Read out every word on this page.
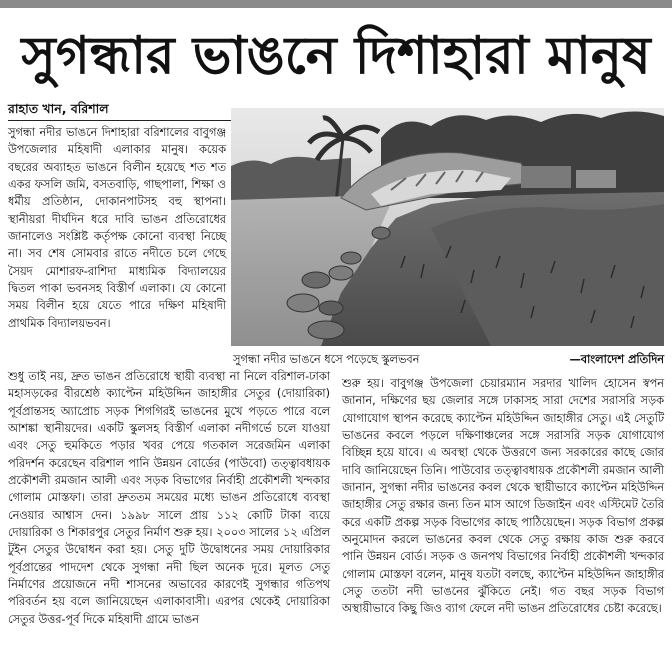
সুগন্ধার ভাঙনে দিশাহারা মানুষ
রাহাত খান, বরিশাল
সুগন্ধা নদীর ভাঙনে দিশাহারা বরিশালের বাবুগঞ্জ উপজেলার মহিষাদী এলাকার মানুষ। কয়েক বছরের অব্যাহত ভাঙনে বিলীন হয়েছে শত শত একর ফসলি জমি, বসতবাড়ি, গাছপালা, শিক্ষা ও ধর্মীয় প্রতিষ্ঠান, দোকানপাটসহ বহু স্থাপনা। স্থানীয়রা দীর্ঘদিন ধরে দাবি ভাঙন প্রতিরোধের জানালেও সংশ্লিষ্ট কর্তৃপক্ষ কোনো ব্যবস্থা নিচ্ছে না। সব শেষ সোমবার রাতে নদীতে চলে গেছে সৈয়দ মোশারফ-রাশিদা মাধ্যমিক বিদ্যালয়ের দ্বিতল পাকা ভবনসহ বিস্তীর্ণ এলাকা। যে কোনো সময় বিলীন হয়ে যেতে পারে দক্ষিণ মহিষাদী প্রাথমিক বিদ্যালয়ভবন।
সুগন্ধা নদীর ভাঙনে ধসে পড়েছে স্কুলভবন	—বাংলাদেশ প্রতিদিন
শুধু তাই নয়, দ্রুত ভাঙন প্রতিরোধে স্থায়ী ব্যবস্থা না নিলে বরিশাল-ঢাকা মহাসড়কের বীরশ্রেষ্ঠ ক্যাপ্টেন মহিউদ্দিন জাহাঙ্গীর সেতুর (দোয়ারিকা) পূর্বপ্রান্তসহ অ্যাপ্রোচ সড়ক শিগগিরই ভাঙনের মুখে পড়তে পারে বলে আশঙ্কা স্থানীয়দের। একটি স্কুলসহ বিস্তীর্ণ এলাকা নদীগর্ভে চলে যাওয়া এবং সেতু হুমকিতে পড়ার খবর পেয়ে গতকাল সরেজমিন এলাকা পরিদর্শন করেছেন বরিশাল পানি উন্নয়ন বোর্ডের (পাউবো) তত্ত্বাবধায়ক প্রকৌশলী রমজান আলী এবং সড়ক বিভাগের নির্বাহী প্রকৌশলী খন্দকার গোলাম মোস্তফা। তারা দ্রুততম সময়ের মধ্যে ভাঙন প্রতিরোধে ব্যবস্থা নেওয়ার আশ্বাস দেন। ১৯৯৮ সালে প্রায় ১১২ কোটি টাকা ব্যয়ে দোয়ারিকা ও শিকারপুর সেতুর নির্মাণ শুরু হয়। ২০০৩ সালের ১২ এপ্রিল টুইন সেতুর উদ্বোধন করা হয়। সেতু দুটি উদ্বোধনের সময় দোয়ারিকার পূর্বপ্রান্তের পাদদেশ থেকে সুগন্ধা নদী ছিল অনেক দূরে। মূলত সেতু নির্মাণের প্রয়োজনে নদী শাসনের অভাবের কারণেই সুগন্ধার গতিপথ পরিবর্তন হয় বলে জানিয়েছেন এলাকাবাসী। এরপর থেকেই দোয়ারিকা সেতুর উত্তর-পূর্ব দিকে মহিষাদী গ্রামে ভাঙন
শুরু হয়। বাবুগঞ্জ উপজেলা চেয়ারম্যান সরদার খালিদ হোসেন স্বপন জানান, দক্ষিণের ছয় জেলার সঙ্গে ঢাকাসহ সারা দেশের সরাসরি সড়ক যোগাযোগ স্থাপন করেছে ক্যাপ্টেন মহিউদ্দিন জাহাঙ্গীর সেতু। এই সেতুটি ভাঙনের কবলে পড়লে দক্ষিণাঞ্চলের সঙ্গে সরাসরি সড়ক যোগাযোগ বিচ্ছিন্ন হয়ে যাবে। এ অবস্থা থেকে উত্তরণে জন্য সরকারের কাছে জোর দাবি জানিয়েছেন তিনি। পাউবোর তত্ত্বাবধায়ক প্রকৌশলী রমজান আলী জানান, সুগন্ধা নদীর ভাঙনের কবল থেকে স্থায়ীভাবে ক্যাপ্টেন মহিউদ্দিন জাহাঙ্গীর সেতু রক্ষার জন্য তিন মাস আগে ডিজাইন এবং এস্টিমেট তৈরি করে একটি প্রকল্প সড়ক বিভাগের কাছে পাঠিয়েছেন। সড়ক বিভাগ প্রকল্প অনুমোদন করলে ভাঙনের কবল থেকে সেতু রক্ষায় কাজ শুরু করবে পানি উন্নয়ন বোর্ড। সড়ক ও জনপথ বিভাগের নির্বাহী প্রকৌশলী খন্দকার গোলাম মোস্তফা বলেন, মানুষ যতটা বলছে, ক্যাপ্টেন মহিউদ্দিন জাহাঙ্গীর সেতু ততটা নদী ভাঙনের ঝুঁকিতে নেই। গত বছর সড়ক বিভাগ অস্থায়ীভাবে কিছু জিও ব্যাগ ফেলে নদী ভাঙন প্রতিরোধের চেষ্টা করেছে।
